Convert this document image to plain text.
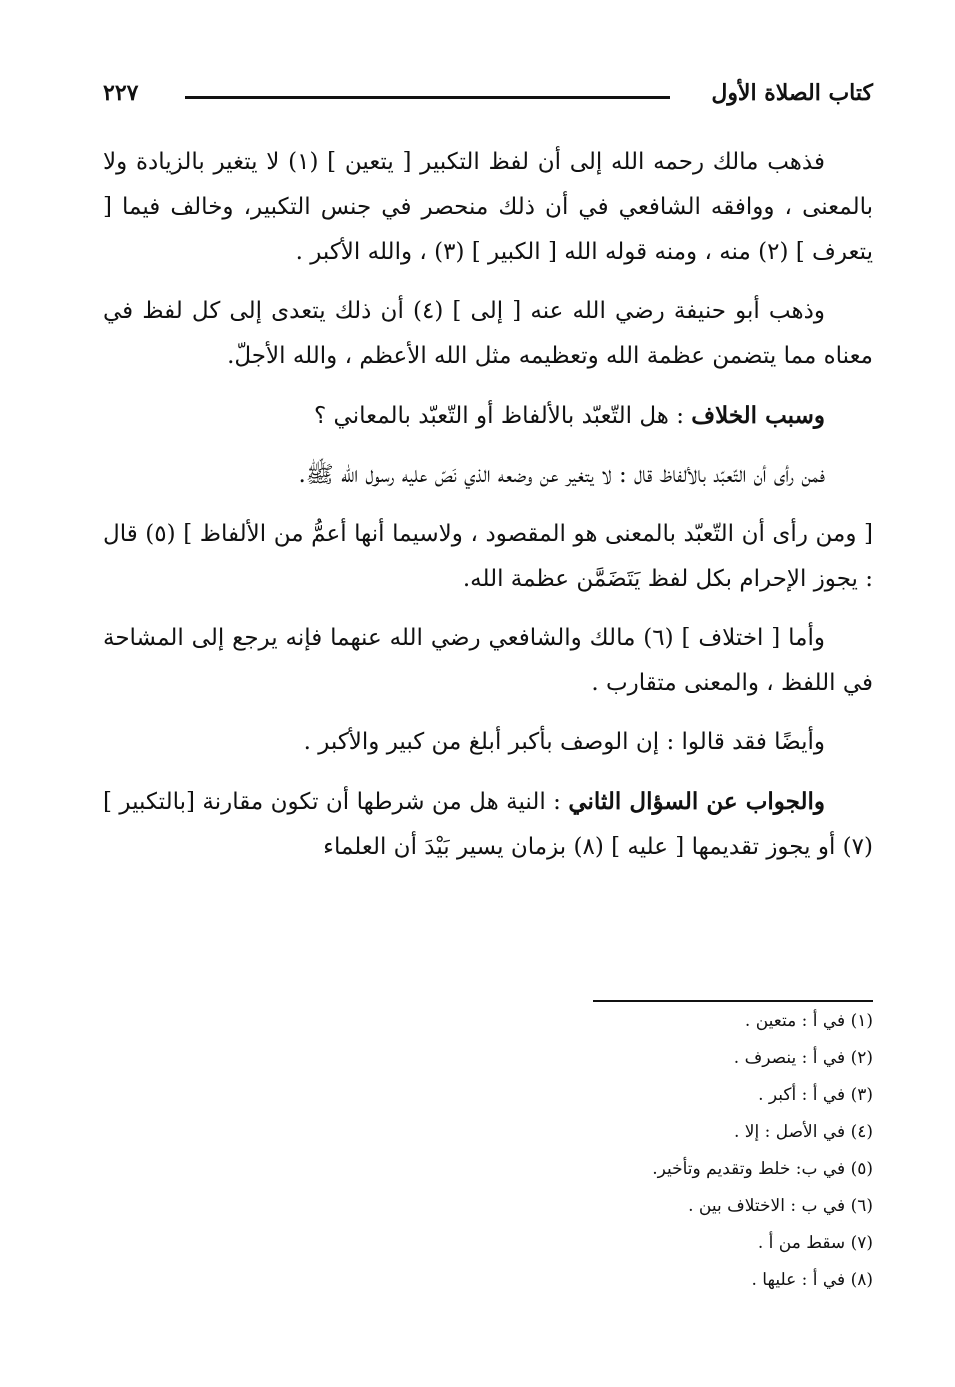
كتاب الصلاة الأول
٢٢٧

فذهب مالك رحمه الله إلى أن لفظ التكبير [ يتعين ] (١) لا يتغير بالزيادة ولا بالمعنى ، ووافقه الشافعي في أن ذلك منحصر في جنس التكبير، وخالف فيما [ يتعرف ] (٢) منه ، ومنه قوله الله [ الكبير ] (٣) ، والله الأكبر .

وذهب أبو حنيفة رضي الله عنه [ إلى ] (٤) أن ذلك يتعدى إلى كل لفظ في معناه مما يتضمن عظمة الله وتعظيمه مثل الله الأعظم ، والله الأجلّ.

وسبب الخلاف : هل التّعبّد بالألفاظ أو التّعبّد بالمعاني ؟

فمن رأى أن التّعبّد بالألفاظ قال : لا يتغير عن وضعه الذي نَصّ عليه رسول الله ﷺ.

[ ومن رأى أن التّعبّد بالمعنى هو المقصود ، ولاسيما أنها أعمُّ من الألفاظ ] (٥) قال : يجوز الإحرام بكل لفظ يَتَضَمَّن عظمة الله.

وأما [ اختلاف ] (٦) مالك والشافعي رضي الله عنهما فإنه يرجع إلى المشاحة في اللفظ ، والمعنى متقارب .

وأيضًا فقد قالوا : إن الوصف بأكبر أبلغ من كبير والأكبر .

والجواب عن السؤال الثاني : النية هل من شرطها أن تكون مقارنة [بالتكبير ] (٧) أو يجوز تقديمها [ عليه ] (٨) بزمان يسير بَيْدَ أن العلماء

(١) في أ : متعين .

(٢) في أ : ينصرف .

(٣) في أ : أكبر .

(٤) في الأصل : إلا .

(٥) في ب: خلط وتقديم وتأخير.

(٦) في ب : الاختلاف بين .

(٧) سقط من أ .

(٨) في أ : عليها .
